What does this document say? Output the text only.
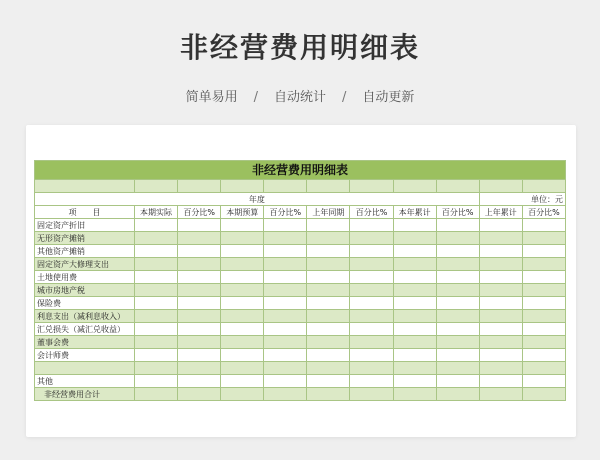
非经营费用明细表
简单易用 / 自动统计 / 自动更新
非经营费用明细表										

年度									单位：元	
项　　目	本期实际	百分比%	本期预算	百分比%	上年同期	百分比%	本年累计	百分比%	上年累计	百分比%
固定资产折旧										
无形资产摊销										
其他资产摊销										
固定资产大修理支出										
土地使用费										
城市房地产税										
保险费										
利息支出（减利息收入）										
汇兑损失（减汇兑收益）										
董事会费										
会计师费										

其他										
非经营费用合计										
